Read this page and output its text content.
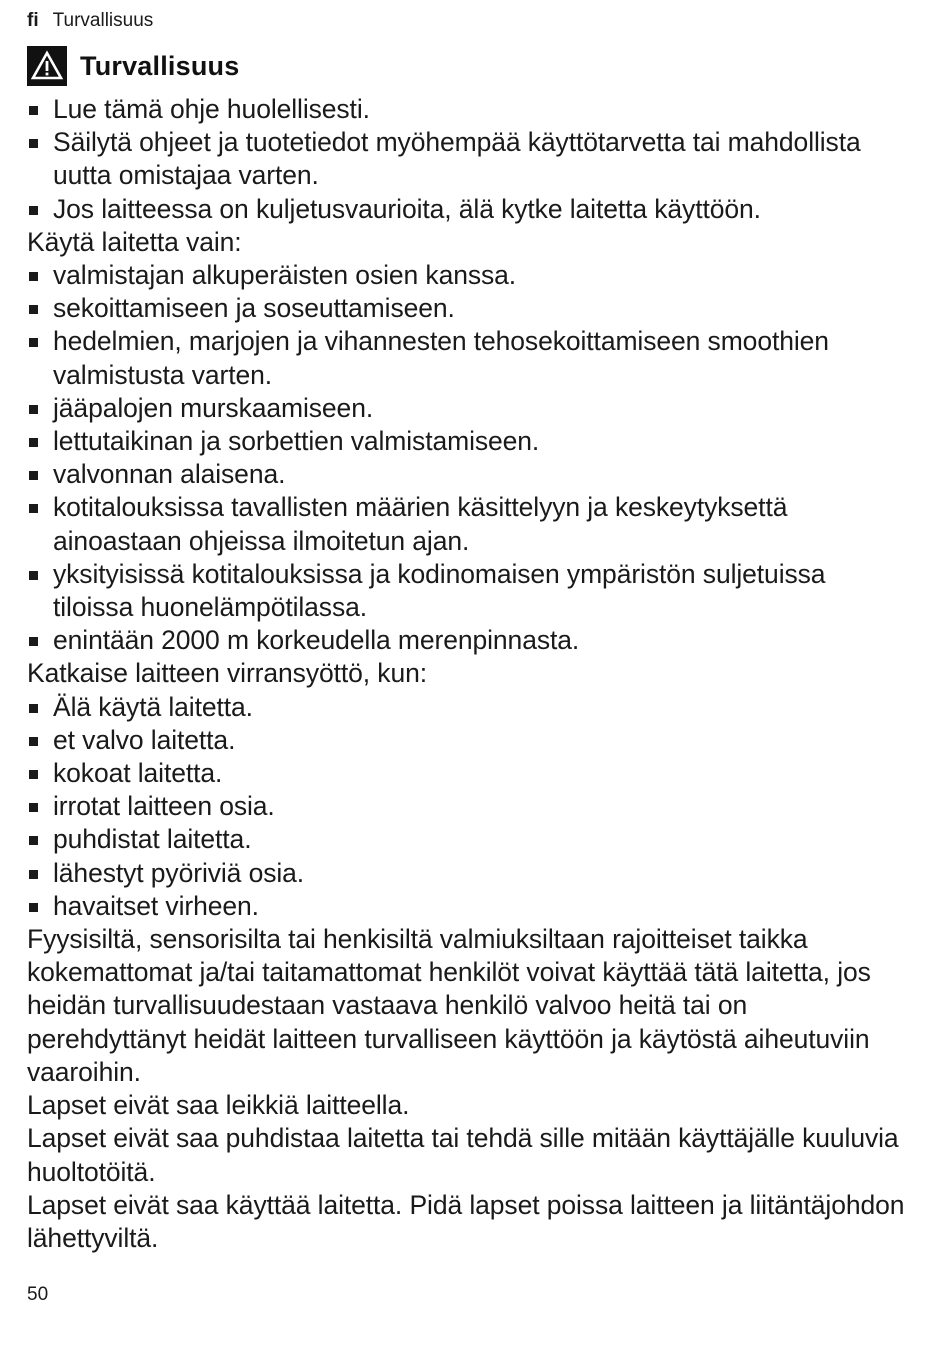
fi Turvallisuus
Turvallisuus
Lue tämä ohje huolellisesti.
Säilytä ohjeet ja tuotetiedot myöhempää käyttötarvetta tai mahdollista uutta omistajaa varten.
Jos laitteessa on kuljetusvaurioita, älä kytke laitetta käyttöön.

Käytä laitetta vain:

valmistajan alkuperäisten osien kanssa.
sekoittamiseen ja soseuttamiseen.
hedelmien, marjojen ja vihannesten tehosekoittamiseen smoothien valmistusta varten.
jääpalojen murskaamiseen.
lettutaikinan ja sorbettien valmistamiseen.
valvonnan alaisena.
kotitalouksissa tavallisten määrien käsittelyyn ja keskeytyksettä ainoastaan ohjeissa ilmoitetun ajan.
yksityisissä kotitalouksissa ja kodinomaisen ympäristön suljetuissa tiloissa huonelämpötilassa.
enintään 2000 m korkeudella merenpinnasta.

Katkaise laitteen virransyöttö, kun:

Älä käytä laitetta.
et valvo laitetta.
kokoat laitetta.
irrotat laitteen osia.
puhdistat laitetta.
lähestyt pyöriviä osia.
havaitset virheen.

Fyysisiltä, sensorisilta tai henkisiltä valmiuksiltaan rajoitteiset taikka kokemattomat ja/tai taitamattomat henkilöt voivat käyttää tätä laitetta, jos heidän turvallisuudestaan vastaava henkilö valvoo heitä tai on perehdyttänyt heidät laitteen turvalliseen käyttöön ja käytöstä aiheutuviin vaaroihin.

Lapset eivät saa leikkiä laitteella.

Lapset eivät saa puhdistaa laitetta tai tehdä sille mitään käyttäjälle kuuluvia huoltotöitä.

Lapset eivät saa käyttää laitetta. Pidä lapset poissa laitteen ja liitäntäjohdon lähettyviltä.

50
